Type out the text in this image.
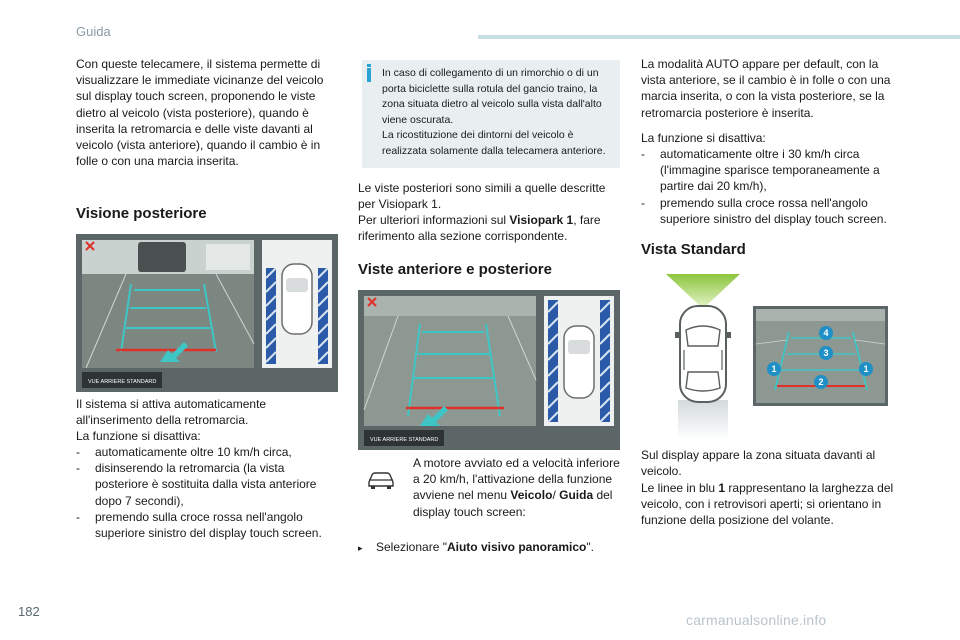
Guida
Con queste telecamere, il sistema permette di visualizzare le immediate vicinanze del veicolo sul display touch screen, proponendo le viste dietro al veicolo (vista posteriore), quando è inserita la retromarcia e delle viste davanti al veicolo (vista anteriore), quando il cambio è in folle o con una marcia inserita.
Visione posteriore
VUE ARRIERE STANDARD
Il sistema si attiva automaticamente all'inserimento della retromarcia.
La funzione si disattiva:
- automaticamente oltre 10 km/h circa,
- disinserendo la retromarcia (la vista posteriore è sostituita dalla vista anteriore dopo 7 secondi),
- premendo sulla croce rossa nell'angolo superiore sinistro del display touch screen.
In caso di collegamento di un rimorchio o di un porta biciclette sulla rotula del gancio traino, la zona situata dietro al veicolo sulla vista dall'alto viene oscurata.
La ricostituzione dei dintorni del veicolo è realizzata solamente dalla telecamera anteriore.
Le viste posteriori sono simili a quelle descritte per Visiopark 1.
Per ulteriori informazioni sul Visiopark 1, fare riferimento alla sezione corrispondente.
Viste anteriore e posteriore
VUE ARRIERE STANDARD
A motore avviato ed a velocità inferiore a 20 km/h, l'attivazione della funzione avviene nel menu Veicolo/ Guida del display touch screen:
▸ Selezionare "Aiuto visivo panoramico".
La modalità AUTO appare per default, con la vista anteriore, se il cambio è in folle o con una marcia inserita, o con la vista posteriore, se la retromarcia posteriore è inserita.
La funzione si disattiva:
- automaticamente oltre i 30 km/h circa (l'immagine sparisce temporaneamente a partire dai 20 km/h),
- premendo sulla croce rossa nell'angolo superiore sinistro del display touch screen.
Vista Standard
4
3
1
2
1
Sul display appare la zona situata davanti al veicolo.
Le linee in blu 1 rappresentano la larghezza del veicolo, con i retrovisori aperti; si orientano in funzione della posizione del volante.
182
carmanualsonline.info
